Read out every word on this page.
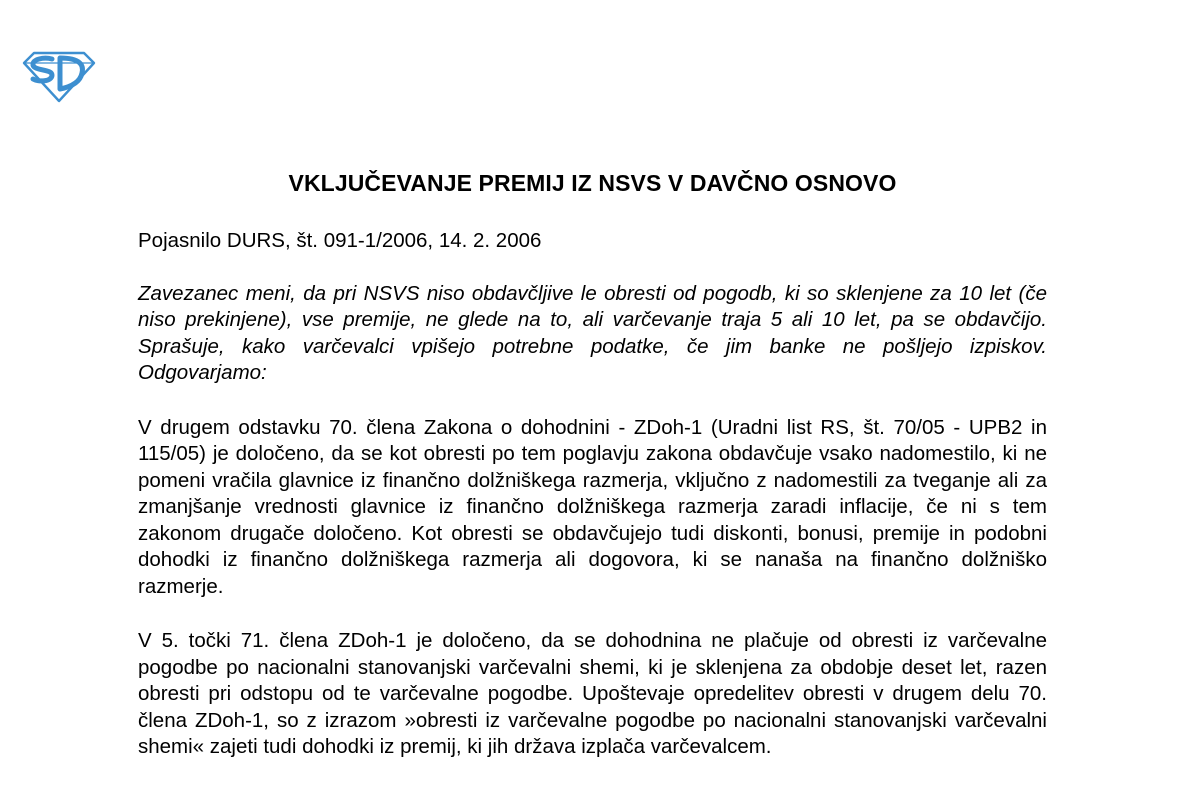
VKLJUČEVANJE PREMIJ IZ NSVS V DAVČNO OSNOVO

Pojasnilo DURS, št. 091-1/2006, 14. 2. 2006

Zavezanec meni, da pri NSVS niso obdavčljive le obresti od pogodb, ki so sklenjene za 10 let (če niso prekinjene), vse premije, ne glede na to, ali varčevanje traja 5 ali 10 let, pa se obdavčijo. Sprašuje, kako varčevalci vpišejo potrebne podatke, če jim banke ne pošljejo izpiskov. Odgovarjamo:

V drugem odstavku 70. člena Zakona o dohodnini - ZDoh-1 (Uradni list RS, št. 70/05 - UPB2 in 115/05) je določeno, da se kot obresti po tem poglavju zakona obdavčuje vsako nadomestilo, ki ne pomeni vračila glavnice iz finančno dolžniškega razmerja, vključno z nadomestili za tveganje ali za zmanjšanje vrednosti glavnice iz finančno dolžniškega razmerja zaradi inflacije, če ni s tem zakonom drugače določeno. Kot obresti se obdavčujejo tudi diskonti, bonusi, premije in podobni dohodki iz finančno dolžniškega razmerja ali dogovora, ki se nanaša na finančno dolžniško razmerje.

V 5. točki 71. člena ZDoh-1 je določeno, da se dohodnina ne plačuje od obresti iz varčevalne pogodbe po nacionalni stanovanjski varčevalni shemi, ki je sklenjena za obdobje deset let, razen obresti pri odstopu od te varčevalne pogodbe. Upoštevaje opredelitev obresti v drugem delu 70. člena ZDoh-1, so z izrazom »obresti iz varčevalne pogodbe po nacionalni stanovanjski varčevalni shemi« zajeti tudi dohodki iz premij, ki jih država izplača varčevalcem.
